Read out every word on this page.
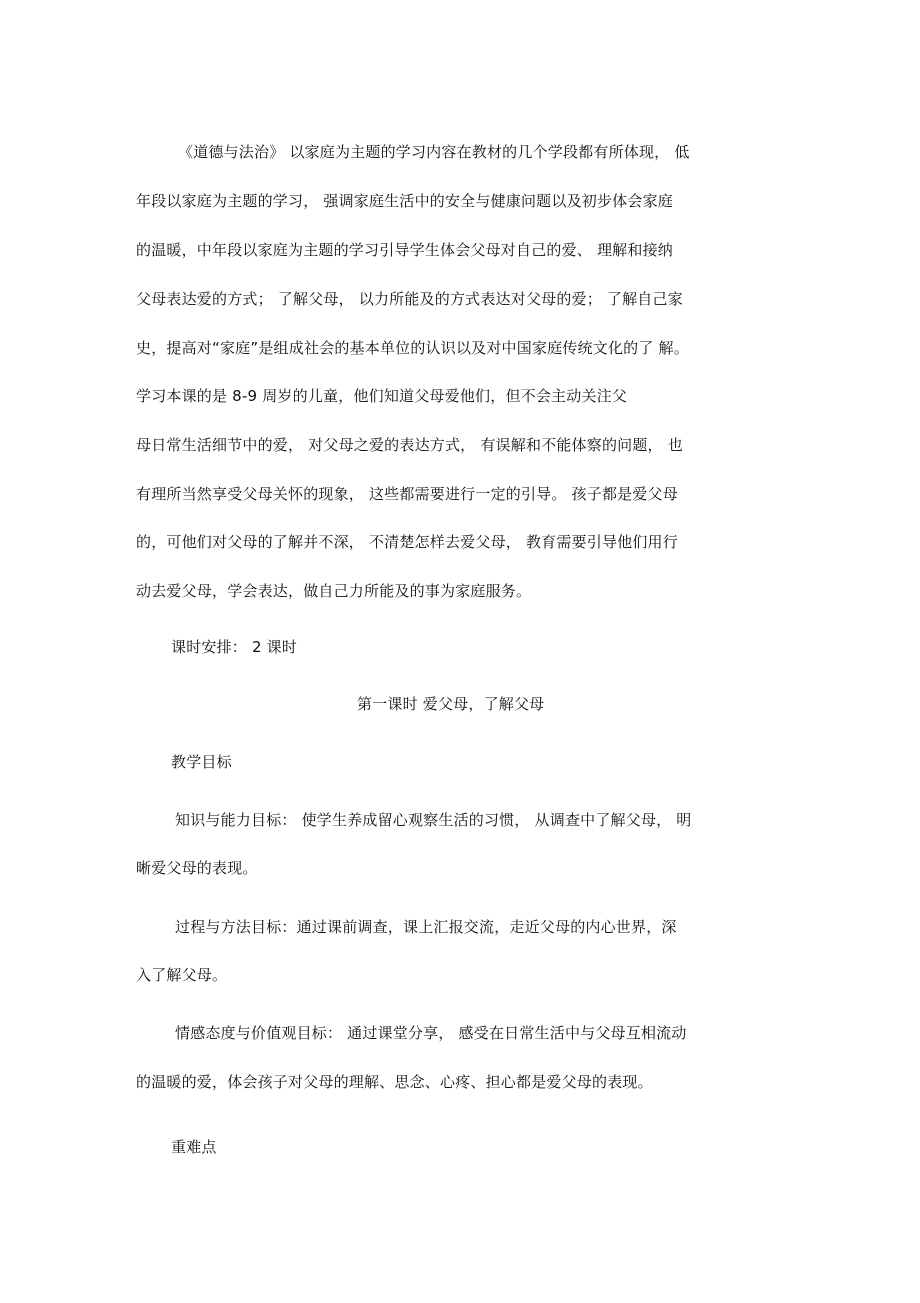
《道德与法治》 以家庭为主题的学习内容在教材的几个学段都有所体现， 低
年段以家庭为主题的学习， 强调家庭生活中的安全与健康问题以及初步体会家庭
的温暖，中年段以家庭为主题的学习引导学生体会父母对自己的爱、 理解和接纳
父母表达爱的方式； 了解父母， 以力所能及的方式表达对父母的爱； 了解自己家
史，提高对“家庭”是组成社会的基本单位的认识以及对中国家庭传统文化的了 解。
学习本课的是 8-9 周岁的儿童，他们知道父母爱他们，但不会主动关注父
母日常生活细节中的爱， 对父母之爱的表达方式， 有误解和不能体察的问题， 也
有理所当然享受父母关怀的现象， 这些都需要进行一定的引导。 孩子都是爱父母
的，可他们对父母的了解并不深， 不清楚怎样去爱父母， 教育需要引导他们用行
动去爱父母，学会表达，做自己力所能及的事为家庭服务。
课时安排： 2 课时
第一课时 爱父母，了解父母
教学目标
知识与能力目标： 使学生养成留心观察生活的习惯， 从调查中了解父母， 明
晰爱父母的表现。
过程与方法目标：通过课前调查，课上汇报交流，走近父母的内心世界，深
入了解父母。
情感态度与价值观目标： 通过课堂分享， 感受在日常生活中与父母互相流动
的温暖的爱，体会孩子对父母的理解、思念、心疼、担心都是爱父母的表现。
重难点
